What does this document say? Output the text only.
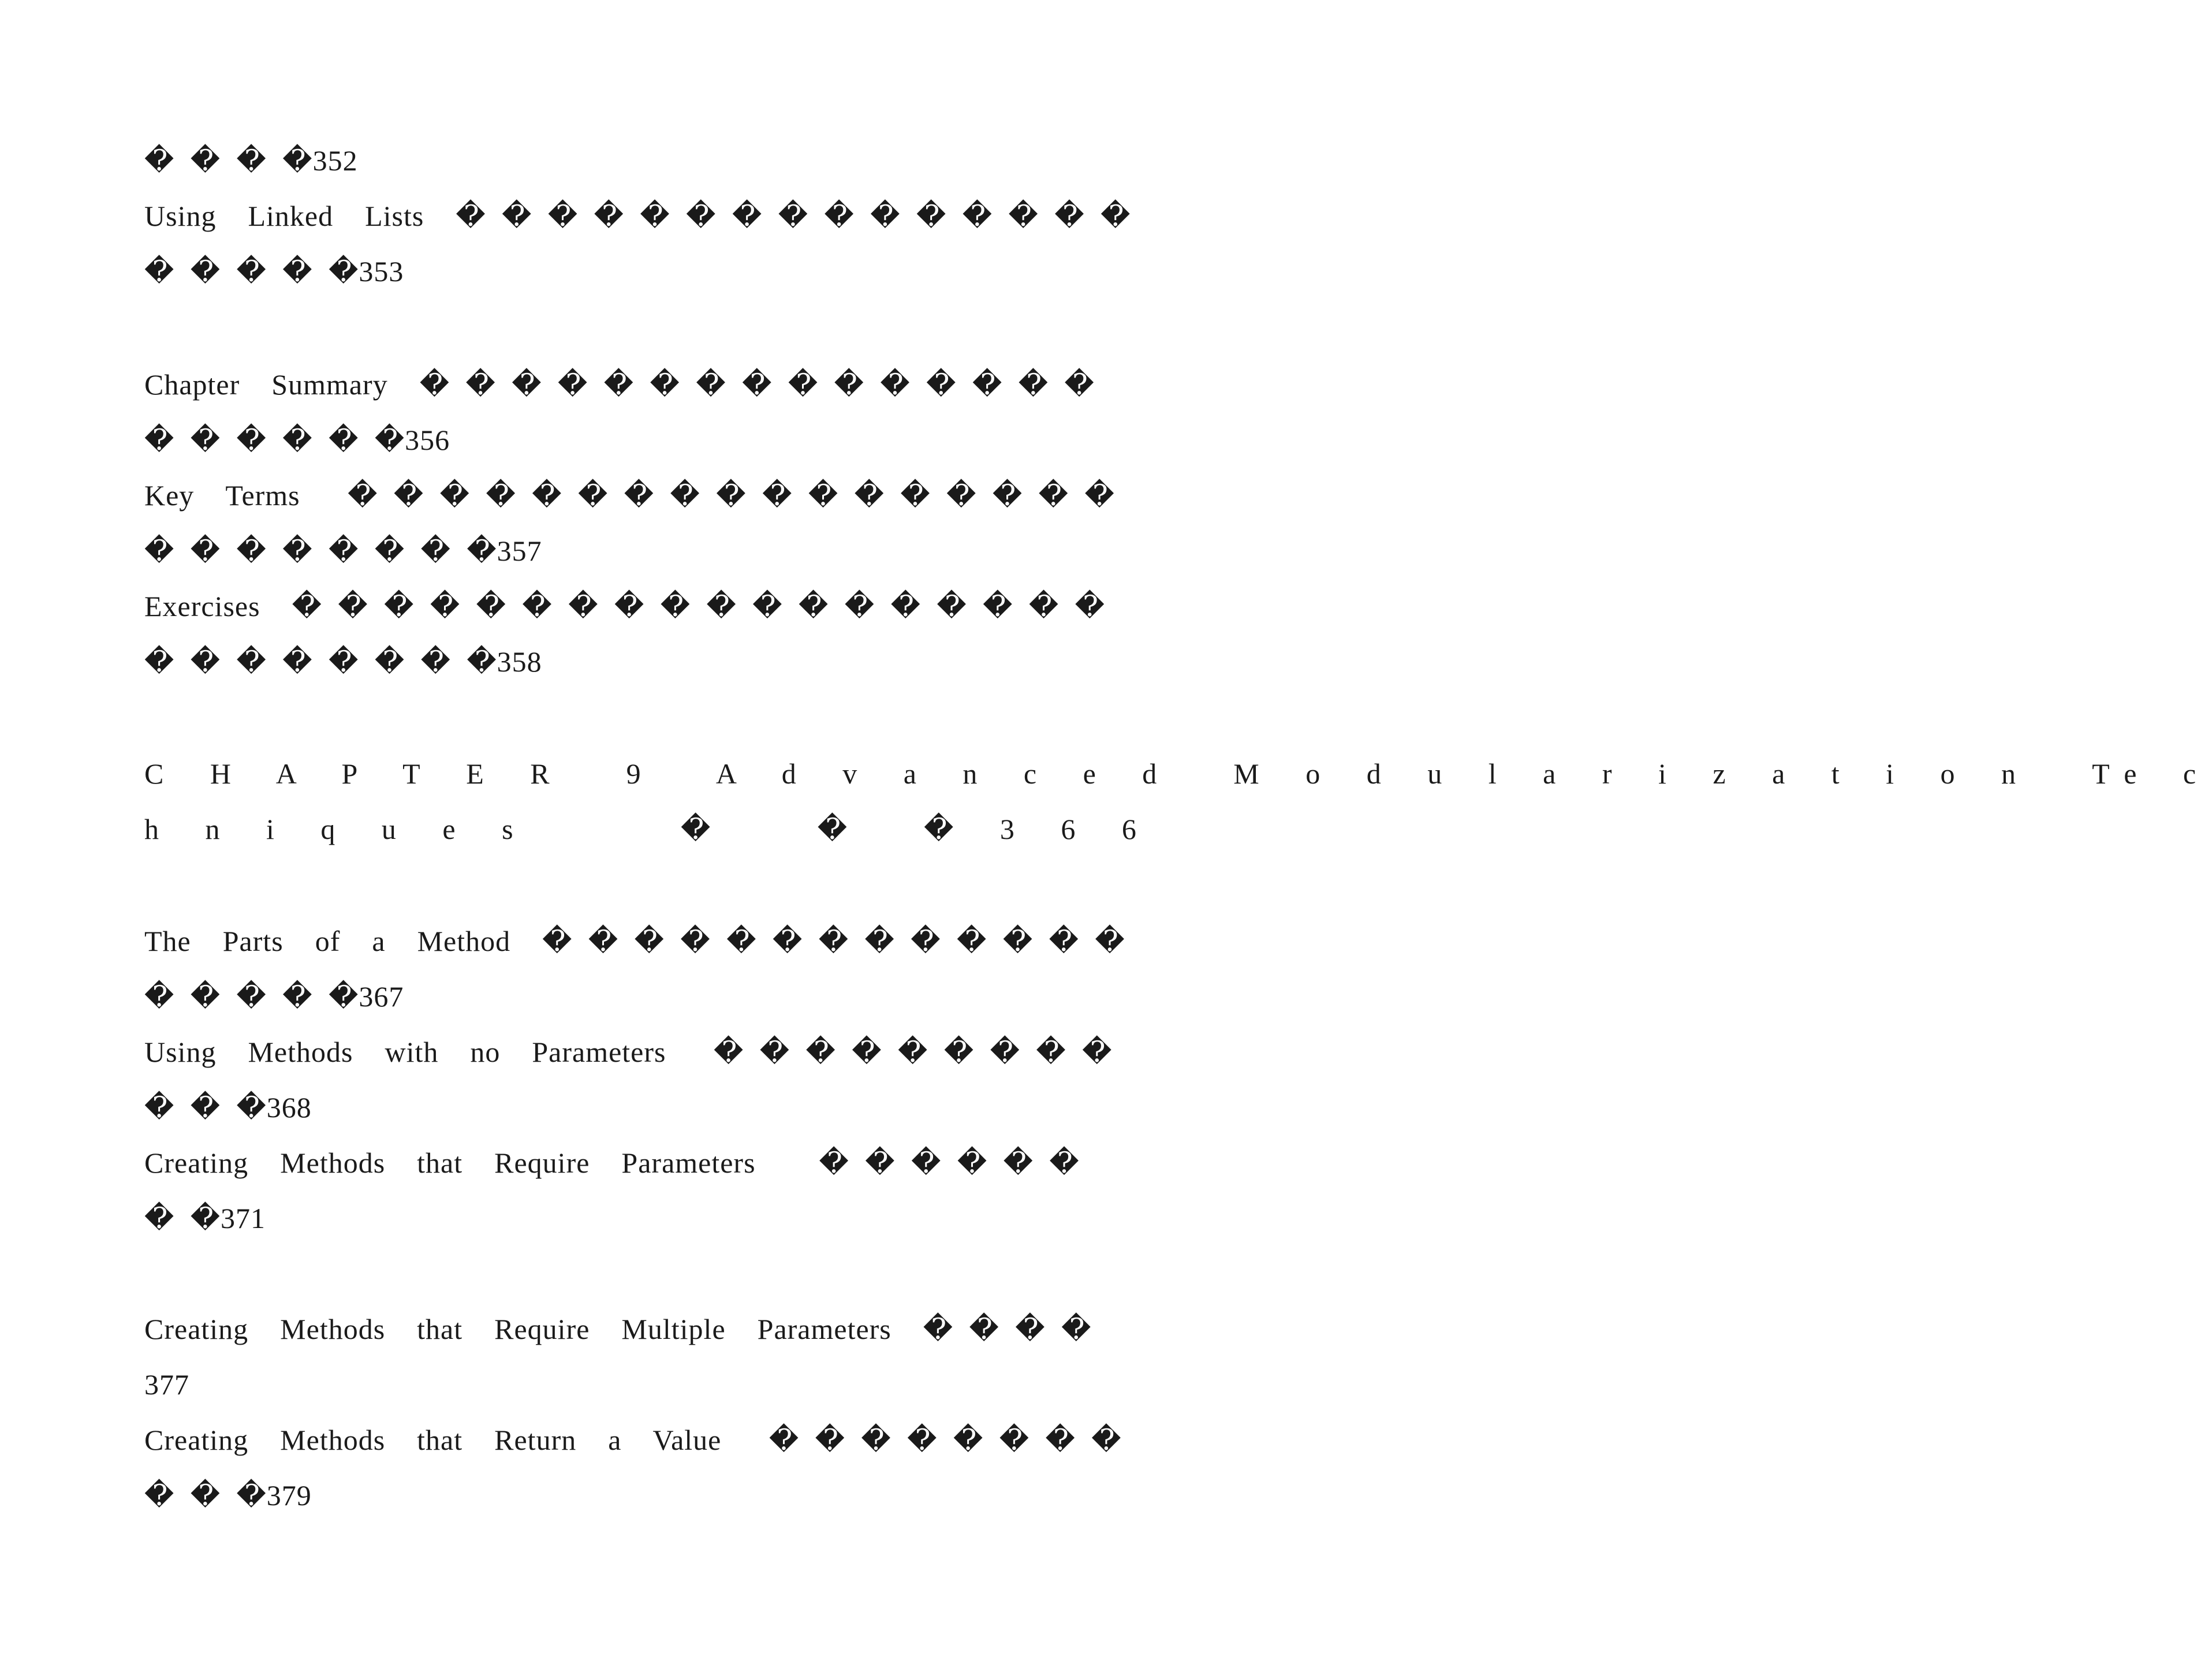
� � � �352
Using  Linked  Lists  � � � � � � � � � � � � � � �
� � � � �353
Chapter  Summary  � � � � � � � � � � � � � � �
� � � � � �356
Key  Terms   � � � � � � � � � � � � � � � � �
� � � � � � � �357
Exercises  � � � � � � � � � � � � � � � � � �
� � � � � � � �358
C H A P T E R  9  A d v a n c e d  M o d u l a r i z a t i o n  Te c
h n i q u e s     �   �  � 3 6 6
The  Parts  of  a  Method  � � � � � � � � � � � � �
� � � � �367
Using  Methods  with  no  Parameters   � � � � � � � � �
� � �368
Creating  Methods  that  Require  Parameters    � � � � � �
� �371
Creating  Methods  that  Require  Multiple  Parameters  � � � �
377
Creating  Methods  that  Return  a  Value   � � � � � � � �
� � �379
